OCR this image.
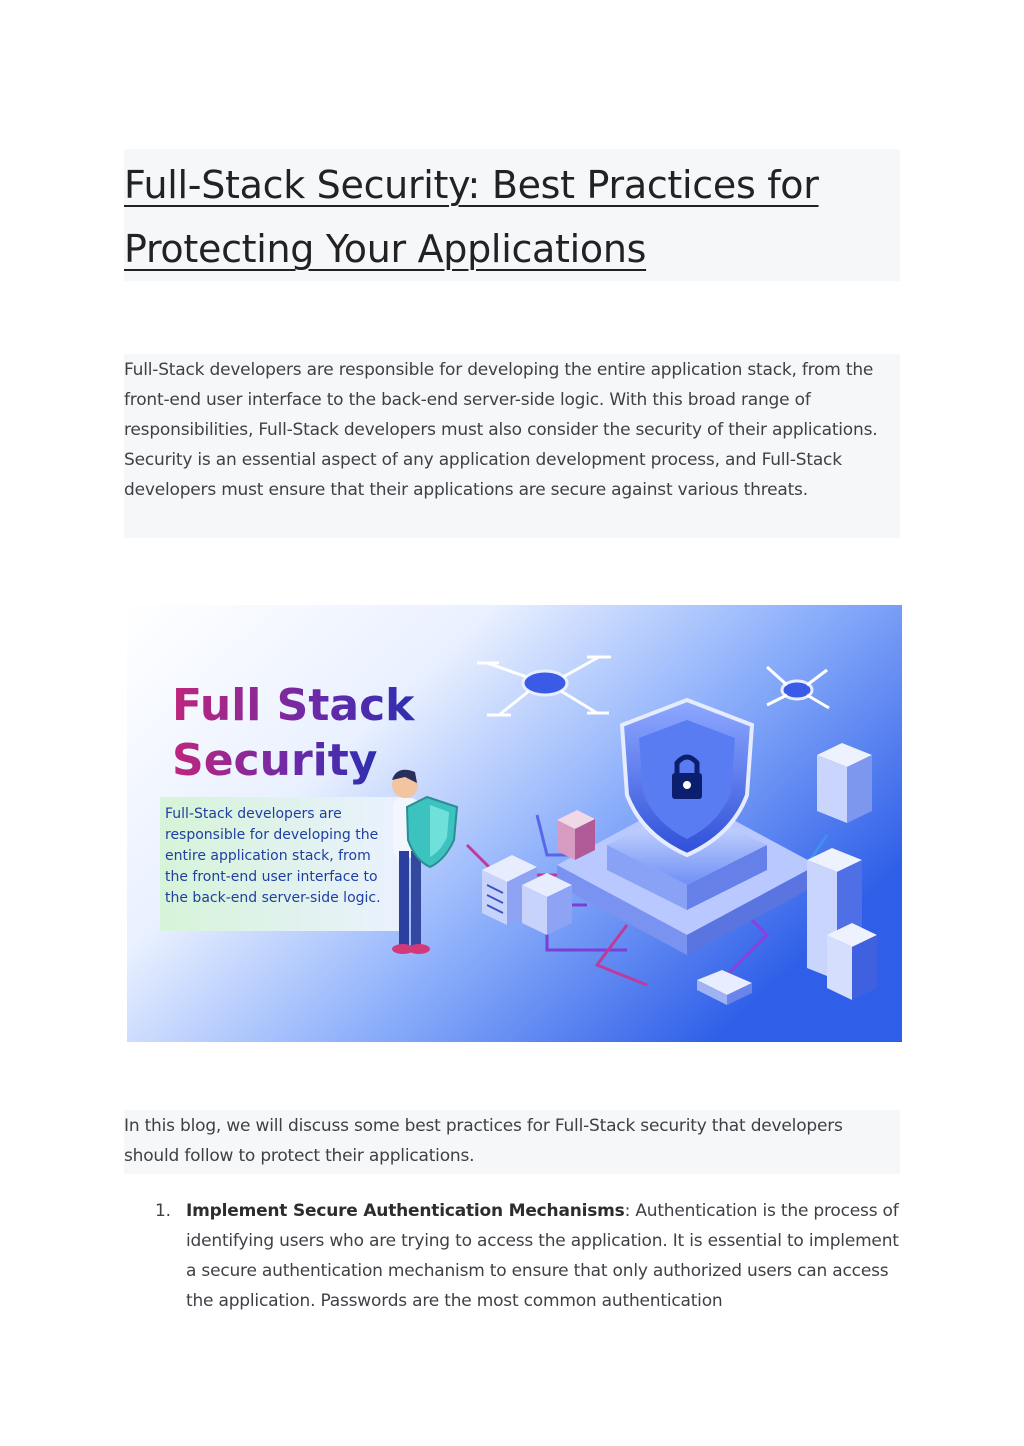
Full-Stack Security: Best Practices for Protecting Your Applications

Full-Stack developers are responsible for developing the entire application stack, from the front-end user interface to the back-end server-side logic. With this broad range of responsibilities, Full-Stack developers must also consider the security of their applications. Security is an essential aspect of any application development process, and Full-Stack developers must ensure that their applications are secure against various threats.

Full Stack
Security
Full-Stack developers are
responsible for developing the
entire application stack, from
the front-end user interface to
the back-end server-side logic.

In this blog, we will discuss some best practices for Full-Stack security that developers should follow to protect their applications.

1. Implement Secure Authentication Mechanisms: Authentication is the process of identifying users who are trying to access the application. It is essential to implement a secure authentication mechanism to ensure that only authorized users can access the application. Passwords are the most common authentication
